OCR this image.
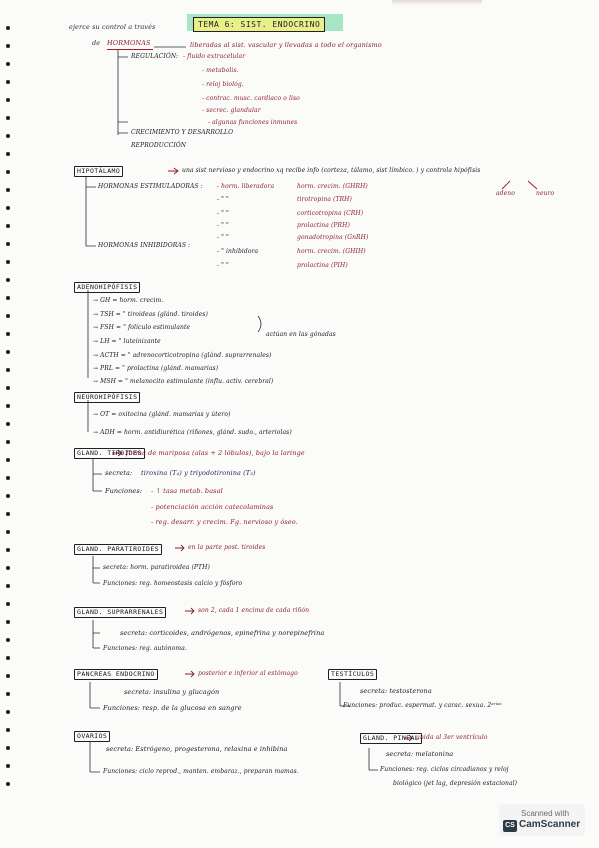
TEMA 6: SIST. ENDOCRINO
ejerce su control a través
de HORMONAS	liberadas al sist. vascular y llevadas a todo el organismo
REGULACIÓN: - fluido extracelular
- metabolis.
- reloj biológ.
- contrac. musc. cardiaco o liso
- secrec. glandular
- algunas funciones inmunes
CRECIMIENTO Y DESARROLLO
REPRODUCCIÓN
HIPOTÁLAMO	una sist nervioso y endocrino xq recibe info (corteza, tálamo, sist límbico. ) y controla hipófisis
adeno	neuro
HORMONAS ESTIMULADORAS : - horm. liberadora	horm. crecim. (GHRH)
- " "	tirotropina (TRH)
- " "	corticotropina (CRH)
- " "	prolactina (PRH)
- " "	gonadotropina (GnRH)
HORMONAS INHIBIDORAS :
- " inhibidora	horm. crecim. (GHIH)
- " "	prolactina (PIH)
ADENOHIPÓFISIS
→ GH = horm. crecim.
→ TSH = " tiroideas (glánd. tiroides)
→ FSH = " folículo estimulante
→ LH = " luteinizante
→ ACTH = " adrenocorticotropina (glánd. suprarrenales)
→ PRL = " prolactina (glánd. mamarias)
→ MSH = " melanocito estimulante (influ. activ. cerebral)
actúan en las gónadas
NEUROHIPÓFISIS
→ OT = oxitocina (glánd. mamarias y útero)
→ ADH = horm. antidiurética (riñones, glánd. sudo., arteriolas)
GLAND. TIROIDES
forma de mariposa (alas + 2 lóbulos), bajo la laringe
secreta: tiroxina (T₄) y triyodotironina (T₃)
Funciones: - ↑ tasa metab. basal
- potenciación acción catecolaminas
- reg. desarr. y crecim. Fg. nervioso y óseo.
GLAND. PARATIROIDES	en la parte post. tiroides
secreta: horm. paratiroidea (PTH)
Funciones: reg. homeostasis calcio y fósforo
GLAND. SUPRARRENALES	son 2, cada 1 encima de cada riñón
secreta: corticoides, andrógenos, epinefrina y norepinefrina
Funciones: reg. autónoma.
PANCREAS ENDOCRINO	posterior e inferior al estómago
secreta: insulina y glucagón
Funciones: resp. de la glucosa en sangre
TESTÍCULOS
secreta: testosterona
Funciones: produc. espermat. y carac. sexua. 2ᵃʳⁱᵃˢ
OVARIOS
secreta: Estrógeno, progesterona, relaxina e inhibina
Funciones: ciclo reprod., manten. embaraz., preparan mamas.
GLAND. PINEAL
unida al 3er ventrículo
secreta: melatonina
Funciones: reg. ciclos circadianos y reloj
biológico (jet lag, depresión estacional)
Scanned with
CS CamScanner
